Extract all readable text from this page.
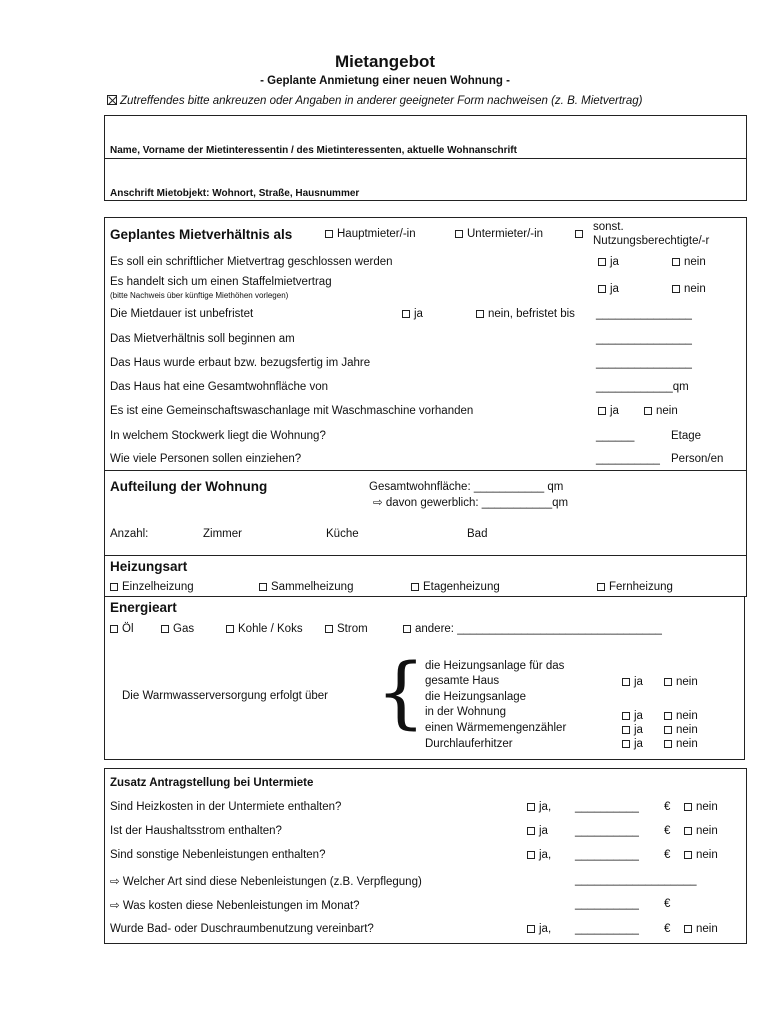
Mietangebot
- Geplante Anmietung einer neuen Wohnung -
Zutreffendes bitte ankreuzen oder Angaben in anderer geeigneter Form nachweisen (z. B. Mietvertrag)
Name, Vorname der Mietinteressentin / des Mietinteressenten, aktuelle Wohnanschrift
Anschrift Mietobjekt: Wohnort, Straße, Hausnummer
Geplantes Mietverhältnis als	Hauptmieter/-in	Untermieter/-in
sonst.
Nutzungsberechtigte/-r
Es soll ein schriftlicher Mietvertrag geschlossen werden	ja	nein
Es handelt sich um einen Staffelmietvertrag
(bitte Nachweis über künftige Miethöhen vorlegen)
ja	nein
Die Mietdauer ist unbefristet	ja	nein, befristet bis _______________
Das Mietverhältnis soll beginnen am	_______________
Das Haus wurde erbaut bzw. bezugsfertig im Jahre	_______________
Das Haus hat eine Gesamtwohnfläche von	____________qm
Es ist eine Gemeinschaftswaschanlage mit Waschmaschine vorhanden	ja	nein
In welchem Stockwerk liegt die Wohnung?	______	Etage
Wie viele Personen sollen einziehen?	__________ Person/en
Aufteilung der Wohnung	Gesamtwohnfläche: ___________ qm
⇨ davon gewerblich: ___________qm
Anzahl:	Zimmer	Küche	Bad
Heizungsart
Einzelheizung	Sammelheizung	Etagenheizung	Fernheizung
Energieart
Öl	Gas	Kohle / Koks	Strom	andere: ________________________________
Die Warmwasserversorgung erfolgt über { die Heizungsanlage für das
gesamte Haus	ja	nein
die Heizungsanlage
in der Wohnung	ja	nein
einen Wärmemengenzähler	ja	nein
Durchlauferhitzer	ja	nein
Zusatz Antragstellung bei Untermiete
Sind Heizkosten in der Untermiete enthalten?	ja, __________ €	nein
Ist der Haushaltsstrom enthalten?	ja __________ €	nein
Sind sonstige Nebenleistungen enthalten?	ja, __________ €	nein
⇨ Welcher Art sind diese Nebenleistungen (z.B. Verpflegung)	___________________
⇨ Was kosten diese Nebenleistungen im Monat?	__________ €
Wurde Bad- oder Duschraumbenutzung vereinbart?	ja, __________ €	nein
